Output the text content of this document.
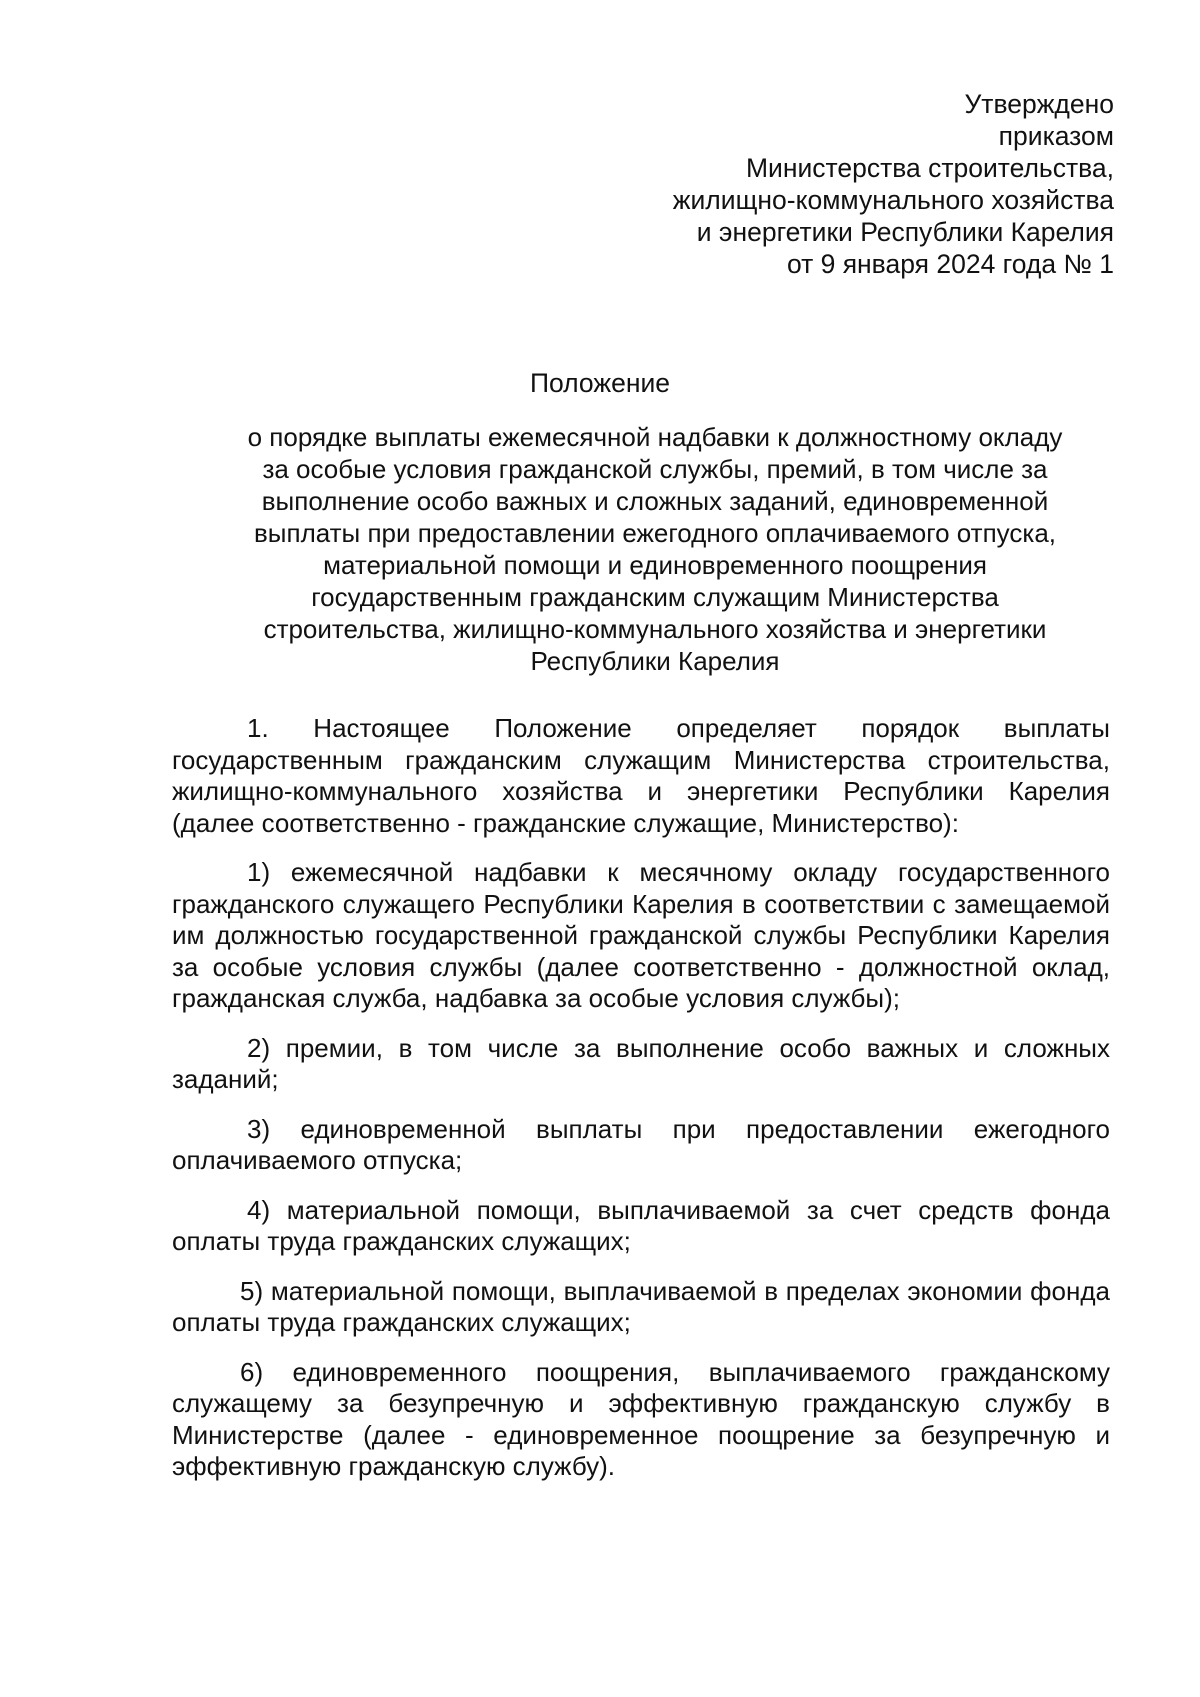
Утверждено
приказом
Министерства строительства,
жилищно-коммунального хозяйства
и энергетики Республики Карелия
от 9 января 2024 года № 1
Положение
о порядке выплаты ежемесячной надбавки к должностному окладу
за особые условия гражданской службы, премий, в том числе за
выполнение особо важных и сложных заданий, единовременной
выплаты при предоставлении ежегодного оплачиваемого отпуска,
материальной помощи и единовременного поощрения
государственным гражданским служащим Министерства
строительства, жилищно-коммунального хозяйства и энергетики
Республики Карелия

1. Настоящее Положение определяет порядок выплаты государственным гражданским служащим Министерства строительства, жилищно-коммунального хозяйства и энергетики Республики Карелия (далее соответственно - гражданские служащие, Министерство):

1) ежемесячной надбавки к месячному окладу государственного гражданского служащего Республики Карелия в соответствии с замещаемой им должностью государственной гражданской службы Республики Карелия за особые условия службы (далее соответственно - должностной оклад, гражданская служба, надбавка за особые условия службы);

2) премии, в том числе за выполнение особо важных и сложных заданий;

3) единовременной выплаты при предоставлении ежегодного оплачиваемого отпуска;

4) материальной помощи, выплачиваемой за счет средств фонда оплаты труда гражданских служащих;

5) материальной помощи, выплачиваемой в пределах экономии фонда оплаты труда гражданских служащих;

6) единовременного поощрения, выплачиваемого гражданскому служащему за безупречную и эффективную гражданскую службу в Министерстве (далее - единовременное поощрение за безупречную и эффективную гражданскую службу).
